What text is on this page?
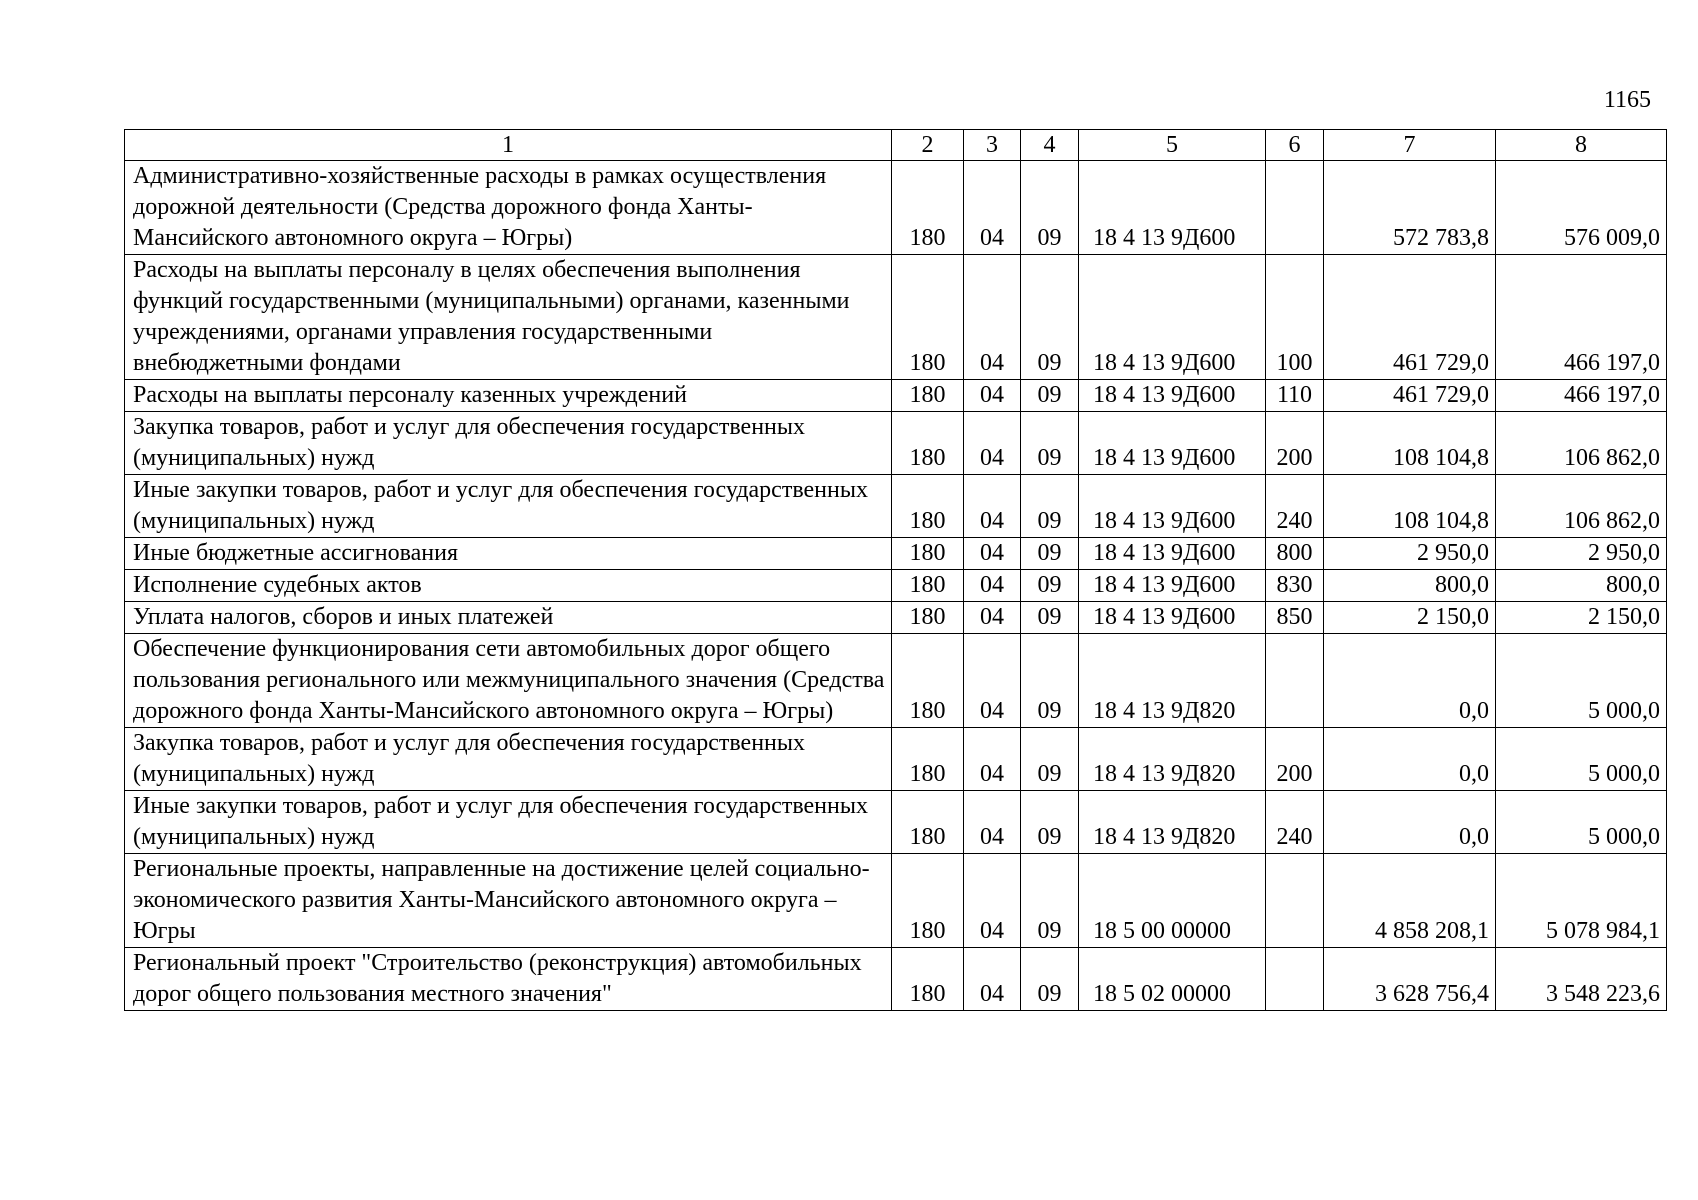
1165
1	2	3	4	5	6	7	8
Административно-хозяйственные расходы в рамках осуществления дорожной деятельности (Средства дорожного фонда Ханты-Мансийского автономного округа – Югры)	180	04	09	18 4 13 9Д600		572 783,8	576 009,0
Расходы на выплаты персоналу в целях обеспечения выполнения функций государственными (муниципальными) органами, казенными учреждениями, органами управления государственными внебюджетными фондами	180	04	09	18 4 13 9Д600	100	461 729,0	466 197,0
Расходы на выплаты персоналу казенных учреждений	180	04	09	18 4 13 9Д600	110	461 729,0	466 197,0
Закупка товаров, работ и услуг для обеспечения государственных (муниципальных) нужд	180	04	09	18 4 13 9Д600	200	108 104,8	106 862,0
Иные закупки товаров, работ и услуг для обеспечения государственных (муниципальных) нужд	180	04	09	18 4 13 9Д600	240	108 104,8	106 862,0
Иные бюджетные ассигнования	180	04	09	18 4 13 9Д600	800	2 950,0	2 950,0
Исполнение судебных актов	180	04	09	18 4 13 9Д600	830	800,0	800,0
Уплата налогов, сборов и иных платежей	180	04	09	18 4 13 9Д600	850	2 150,0	2 150,0
Обеспечение функционирования сети автомобильных дорог общего пользования регионального или межмуниципального значения (Средства дорожного фонда Ханты-Мансийского автономного округа – Югры)	180	04	09	18 4 13 9Д820		0,0	5 000,0
Закупка товаров, работ и услуг для обеспечения государственных (муниципальных) нужд	180	04	09	18 4 13 9Д820	200	0,0	5 000,0
Иные закупки товаров, работ и услуг для обеспечения государственных (муниципальных) нужд	180	04	09	18 4 13 9Д820	240	0,0	5 000,0
Региональные проекты, направленные на достижение целей социально-экономического развития Ханты-Мансийского автономного округа – Югры	180	04	09	18 5 00 00000		4 858 208,1	5 078 984,1
Региональный проект "Строительство (реконструкция) автомобильных дорог общего пользования местного значения"	180	04	09	18 5 02 00000		3 628 756,4	3 548 223,6
